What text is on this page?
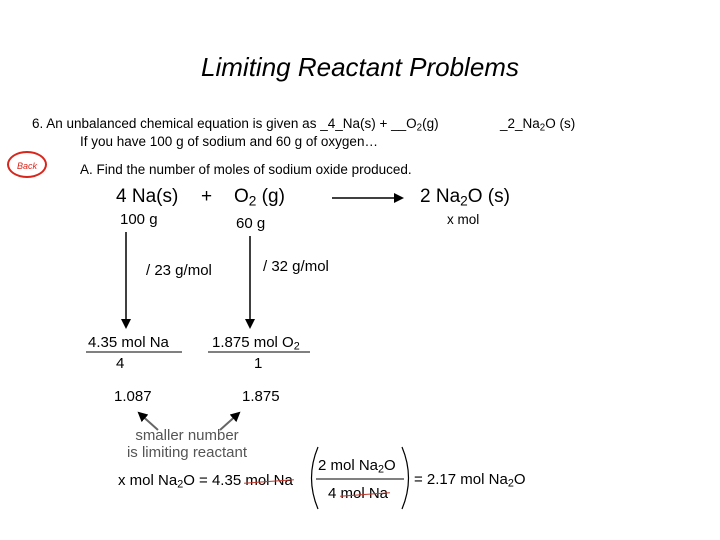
Limiting Reactant Problems
6. An unbalanced chemical equation is given as _4_Na(s) + $\_\_O_2(g)$	$\_2\_Na_2O$ (s)
If you have 100 g of sodium and 60 g of oxygen…
Back	A. Find the number of moles of sodium oxide produced.
4 $Na(s) + O_2$ (g)	2 $Na_2O$ (s)
100 g	60 g	x mol
/ 23 g/mol	/ 32 g/mol
4.35 mol Na	1.875 mol $O_2$
4	1
1.087	1.875
smaller number
is limiting reactant
x mol $Na_2O = 4.35$ mol Na
2 mol $Na_2O$
4 mol Na
= 2.17 mol $Na_2O$
